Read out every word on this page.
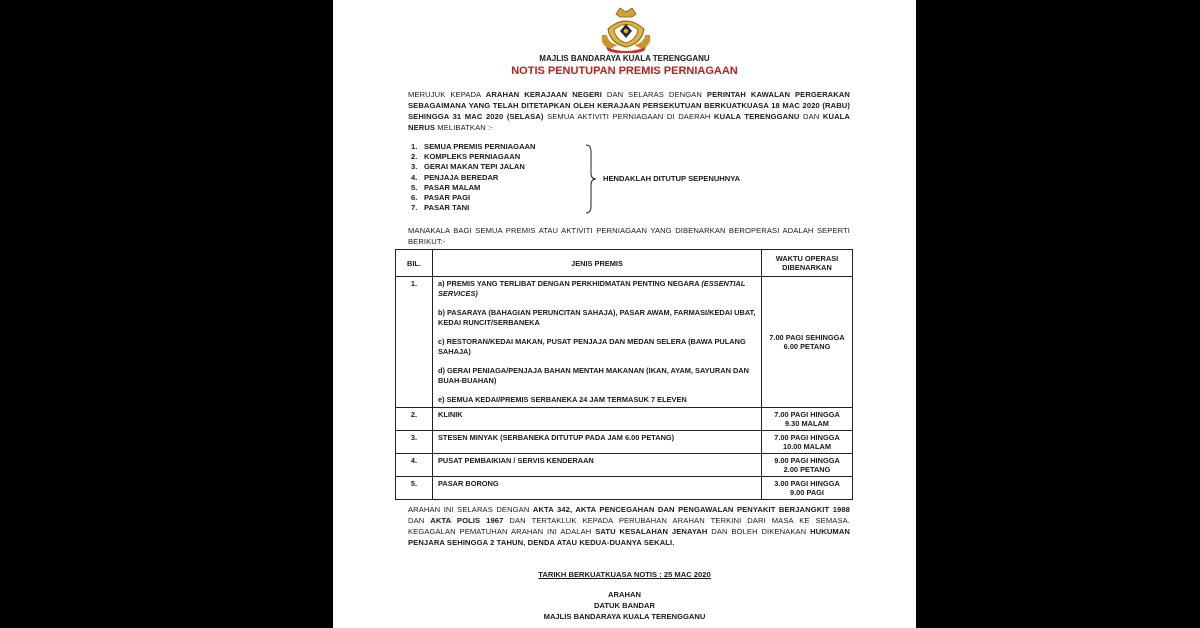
MAJLIS BANDARAYA KUALA TERENGGANU
NOTIS PENUTUPAN PREMIS PERNIAGAAN

MERUJUK KEPADA ARAHAN KERAJAAN NEGERI DAN SELARAS DENGAN PERINTAH KAWALAN PERGERAKAN SEBAGAIMANA YANG TELAH DITETAPKAN OLEH KERAJAAN PERSEKUTUAN BERKUATKUASA 18 MAC 2020 (RABU) SEHINGGA 31 MAC 2020 (SELASA) SEMUA AKTIVITI PERNIAGAAN DI DAERAH KUALA TERENGGANU DAN KUALA NERUS MELIBATKAN :-

1. SEMUA PREMIS PERNIAGAAN
2. KOMPLEKS PERNIAGAAN
3. GERAI MAKAN TEPI JALAN
4. PENJAJA BEREDAR
5. PASAR MALAM
6. PASAR PAGI
7. PASAR TANI
HENDAKLAH DITUTUP SEPENUHNYA

MANAKALA BAGI SEMUA PREMIS ATAU AKTIVITI PERNIAGAAN YANG DIBENARKAN BEROPERASI ADALAH SEPERTI BERIKUT:-

BIL.	JENIS PREMIS	WAKTU OPERASI DIBENARKAN
1.	a) PREMIS YANG TERLIBAT DENGAN PERKHIDMATAN PENTING NEGARA (ESSENTIAL SERVICES)

b) PASARAYA (BAHAGIAN PERUNCITAN SAHAJA), PASAR AWAM, FARMASI/KEDAI UBAT, KEDAI RUNCIT/SERBANEKA

c) RESTORAN/KEDAI MAKAN, PUSAT PENJAJA DAN MEDAN SELERA (BAWA PULANG SAHAJA)

d) GERAI PENIAGA/PENJAJA BAHAN MENTAH MAKANAN (IKAN, AYAM, SAYURAN DAN BUAH-BUAHAN)

e) SEMUA KEDAI/PREMIS SERBANEKA 24 JAM TERMASUK 7 ELEVEN	7.00 PAGI SEHINGGA 6.00 PETANG
2.	KLINIK	7.00 PAGI HINGGA 9.30 MALAM
3.	STESEN MINYAK (SERBANEKA DITUTUP PADA JAM 6.00 PETANG)	7.00 PAGI HINGGA 10.00 MALAM
4.	PUSAT PEMBAIKIAN / SERVIS KENDERAAN	9.00 PAGI HINGGA 2.00 PETANG
5.	PASAR BORONG	3.00 PAGI HINGGA 9.00 PAGI

ARAHAN INI SELARAS DENGAN AKTA 342, AKTA PENCEGAHAN DAN PENGAWALAN PENYAKIT BERJANGKIT 1988 DAN AKTA POLIS 1967 DAN TERTAKLUK KEPADA PERUBAHAN ARAHAN TERKINI DARI MASA KE SEMASA. KEGAGALAN PEMATUHAN ARAHAN INI ADALAH SATU KESALAHAN JENAYAH DAN BOLEH DIKENAKAN HUKUMAN PENJARA SEHINGGA 2 TAHUN, DENDA ATAU KEDUA-DUANYA SEKALI.

TARIKH BERKUATKUASA NOTIS : 25 MAC 2020
ARAHAN
DATUK BANDAR
MAJLIS BANDARAYA KUALA TERENGGANU
